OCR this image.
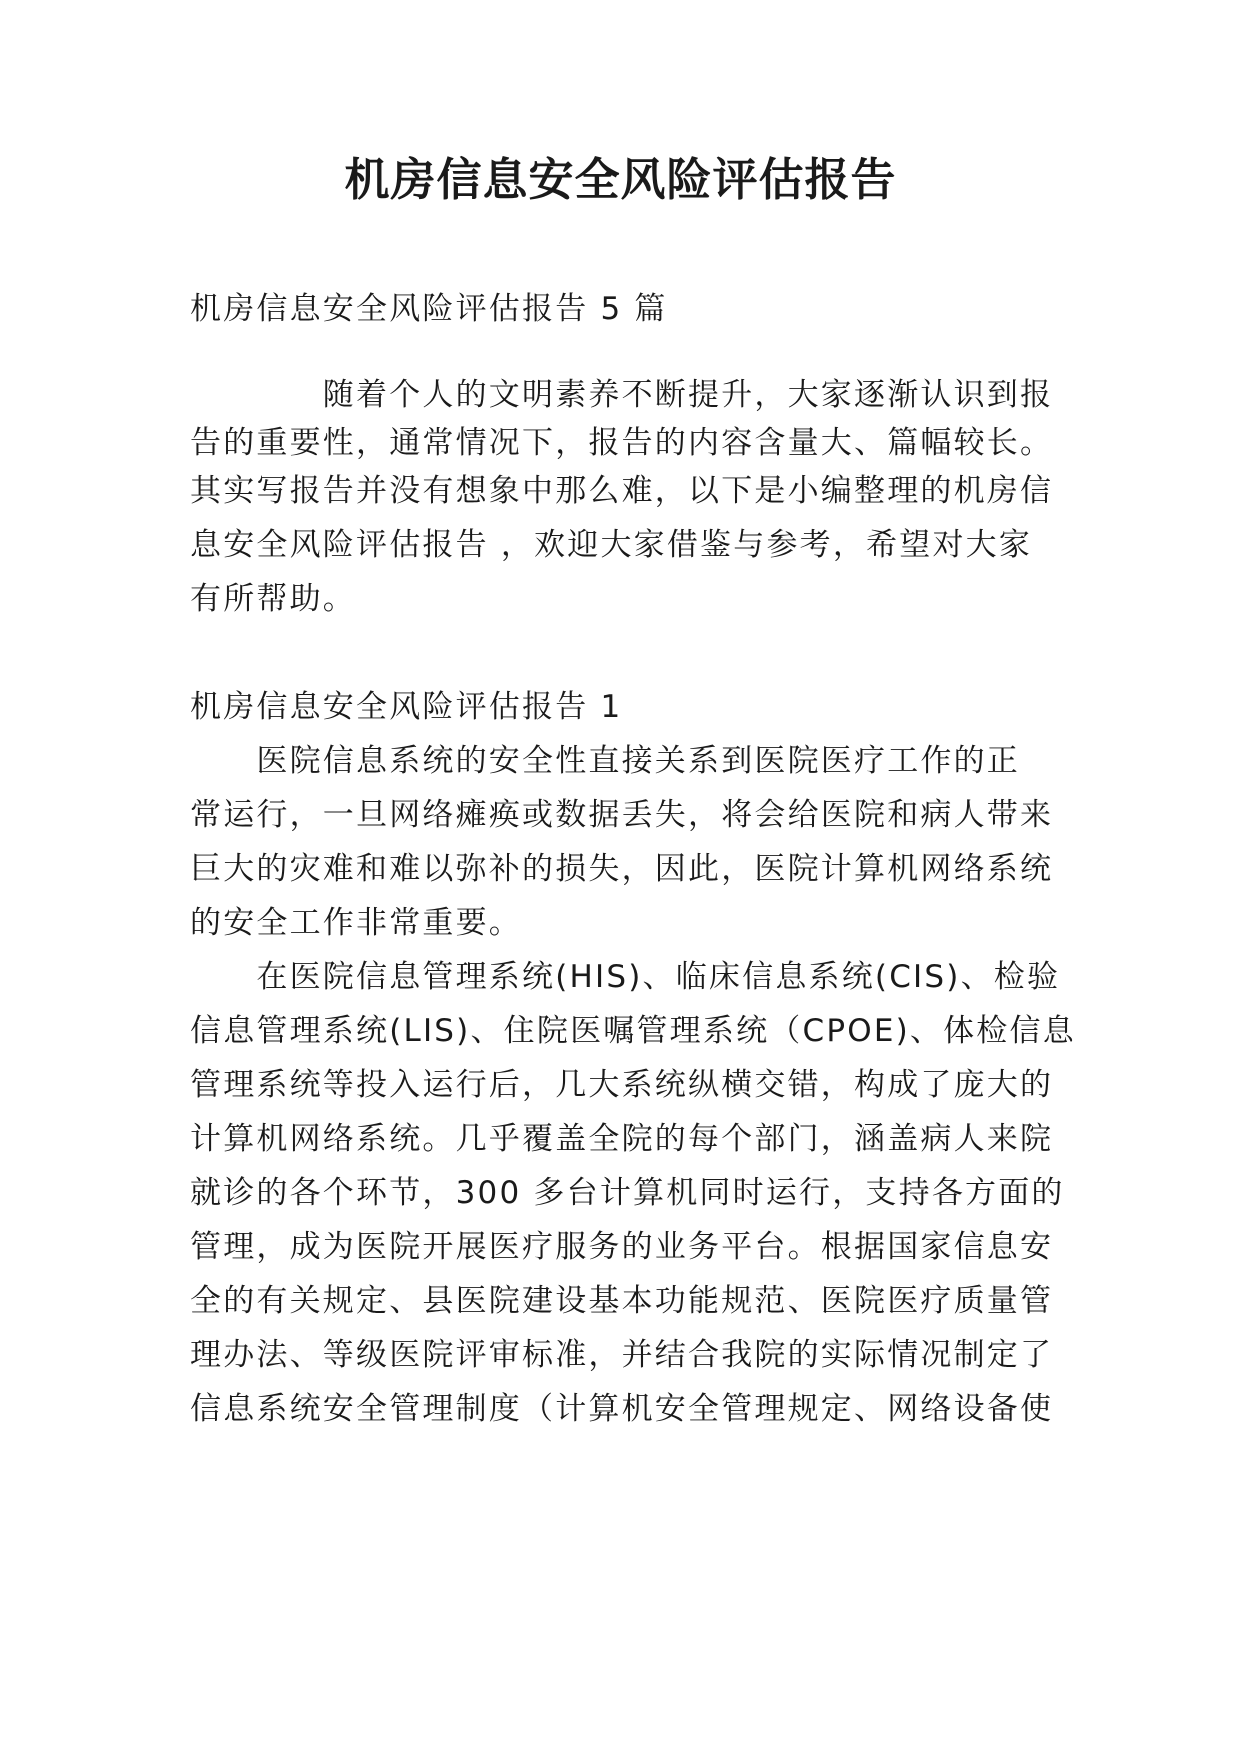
机房信息安全风险评估报告
机房信息安全风险评估报告 5 篇
　　　　随着个人的文明素养不断提升，大家逐渐认识到报
告的重要性，通常情况下，报告的内容含量大、篇幅较长。
其实写报告并没有想象中那么难，以下是小编整理的机房信
息安全风险评估报告 ，欢迎大家借鉴与参考，希望对大家
有所帮助。
机房信息安全风险评估报告 1
　　医院信息系统的安全性直接关系到医院医疗工作的正
常运行，一旦网络瘫痪或数据丢失，将会给医院和病人带来
巨大的灾难和难以弥补的损失，因此，医院计算机网络系统
的安全工作非常重要。
　　在医院信息管理系统(HIS)、临床信息系统(CIS)、检验
信息管理系统(LIS)、住院医嘱管理系统（CPOE)、体检信息
管理系统等投入运行后，几大系统纵横交错，构成了庞大的
计算机网络系统。几乎覆盖全院的每个部门，涵盖病人来院
就诊的各个环节，300 多台计算机同时运行，支持各方面的
管理，成为医院开展医疗服务的业务平台。根据国家信息安
全的有关规定、县医院建设基本功能规范、医院医疗质量管
理办法、等级医院评审标准，并结合我院的实际情况制定了
信息系统安全管理制度（计算机安全管理规定、网络设备使
